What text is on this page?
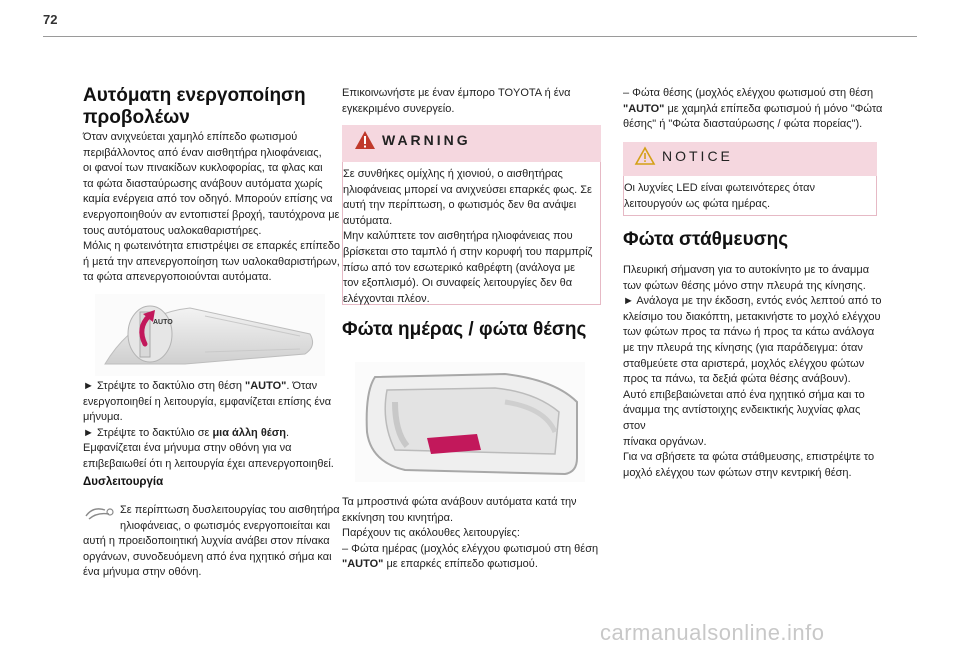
72
Αυτόματη ενεργοποίηση
προβολέων

Όταν ανιχνεύεται χαμηλό επίπεδο φωτισμού

περιβάλλοντος από έναν αισθητήρα ηλιοφάνειας,

οι φανοί των πινακίδων κυκλοφορίας, τα φλας και

τα φώτα διασταύρωσης ανάβουν αυτόματα χωρίς

καμία ενέργεια από τον οδηγό. Μπορούν επίσης να

ενεργοποιηθούν αν εντοπιστεί βροχή, ταυτόχρονα με

τους αυτόματους υαλοκαθαριστήρες.

Μόλις η φωτεινότητα επιστρέψει σε επαρκές επίπεδο

ή μετά την απενεργοποίηση των υαλοκαθαριστήρων,

τα φώτα απενεργοποιούνται αυτόματα.

AUTO

► Στρέψτε το δακτύλιο στη θέση "AUTO". Όταν

ενεργοποιηθεί η λειτουργία, εμφανίζεται επίσης ένα

μήνυμα.

► Στρέψτε το δακτύλιο σε μια άλλη θέση.

Εμφανίζεται ένα μήνυμα στην οθόνη για να

επιβεβαιωθεί ότι η λειτουργία έχει απενεργοποιηθεί.

Δυσλειτουργία

Σε περίπτωση δυσλειτουργίας του αισθητήρα

ηλιοφάνειας, ο φωτισμός ενεργοποιείται και

αυτή η προειδοποιητική λυχνία ανάβει στον πίνακα

οργάνων, συνοδευόμενη από ένα ηχητικό σήμα και

ένα μήνυμα στην οθόνη.

Επικοινωνήστε με έναν έμπορο TOYOTA ή ένα

εγκεκριμένο συνεργείο.

WARNING

Σε συνθήκες ομίχλης ή χιονιού, ο αισθητήρας

ηλιοφάνειας μπορεί να ανιχνεύσει επαρκές φως. Σε

αυτή την περίπτωση, ο φωτισμός δεν θα ανάψει

αυτόματα.

Μην καλύπτετε τον αισθητήρα ηλιοφάνειας που

βρίσκεται στο ταμπλό ή στην κορυφή του παρμπρίζ

πίσω από τον εσωτερικό καθρέφτη (ανάλογα με

τον εξοπλισμό). Οι συναφείς λειτουργίες δεν θα

ελέγχονται πλέον.

Φώτα ημέρας / φώτα θέσης

Τα μπροστινά φώτα ανάβουν αυτόματα κατά την

εκκίνηση του κινητήρα.

Παρέχουν τις ακόλουθες λειτουργίες:

– Φώτα ημέρας (μοχλός ελέγχου φωτισμού στη θέση

"AUTO" με επαρκές επίπεδο φωτισμού.

– Φώτα θέσης (μοχλός ελέγχου φωτισμού στη θέση

"AUTO" με χαμηλά επίπεδα φωτισμού ή μόνο "Φώτα

θέσης" ή "Φώτα διασταύρωσης / φώτα πορείας").

NOTICE

Οι λυχνίες LED είναι φωτεινότερες όταν

λειτουργούν ως φώτα ημέρας.

Φώτα στάθμευσης

Πλευρική σήμανση για το αυτοκίνητο με το άναμμα

των φώτων θέσης μόνο στην πλευρά της κίνησης.

► Ανάλογα με την έκδοση, εντός ενός λεπτού από το

κλείσιμο του διακόπτη, μετακινήστε το μοχλό ελέγχου

των φώτων προς τα πάνω ή προς τα κάτω ανάλογα

με την πλευρά της κίνησης (για παράδειγμα: όταν

σταθμεύετε στα αριστερά, μοχλός ελέγχου φώτων

προς τα πάνω, τα δεξιά φώτα θέσης ανάβουν).

Αυτό επιβεβαιώνεται από ένα ηχητικό σήμα και το

άναμμα της αντίστοιχης ενδεικτικής λυχνίας φλας στον

πίνακα οργάνων.

Για να σβήσετε τα φώτα στάθμευσης, επιστρέψτε το

μοχλό ελέγχου των φώτων στην κεντρική θέση.

carmanualsonline.info
